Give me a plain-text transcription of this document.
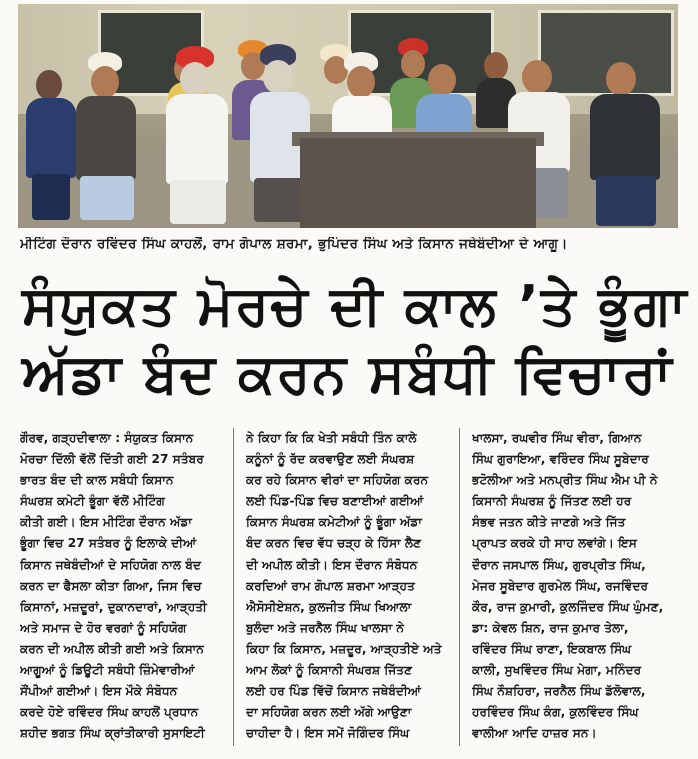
ਮੀਟਿੰਗ ਦੌਰਾਨ ਰਵਿੰਦਰ ਸਿੰਘ ਕਾਹਲੋਂ, ਰਾਮ ਗੋਪਾਲ ਸ਼ਰਮਾ, ਭੁਪਿੰਦਰ ਸਿੰਘ ਅਤੇ ਕਿਸਾਨ ਜਥੇਬੰਦੀਆ ਦੇ ਆਗੂ।
ਸੰਯੁਕਤ ਮੋਰਚੇ ਦੀ ਕਾਲ ’ਤੇ ਭੂੰਗਾ
ਅੱਡਾ ਬੰਦ ਕਰਨ ਸਬੰਧੀ ਵਿਚਾਰਾਂ
ਗੌਰਵ, ਗੜ੍ਹਦੀਵਾਲਾ : ਸੰਯੁਕਤ ਕਿਸਾਨ
ਮੋਰਚਾ ਦਿੱਲੀ ਵੱਲੋਂ ਦਿੱਤੀ ਗਈ 27 ਸਤੰਬਰ
ਭਾਰਤ ਬੰਦ ਦੀ ਕਾਲ ਸਬੰਧੀ ਕਿਸਾਨ
ਸੰਘਰਸ਼ ਕਮੇਟੀ ਭੂੰਗਾ ਵੱਲੋਂ ਮੀਟਿੰਗ
ਕੀਤੀ ਗਈ। ਇਸ ਮੀਟਿੰਗ ਦੌਰਾਨ ਅੱਡਾ
ਭੂੰਗਾ ਵਿਚ 27 ਸਤੰਬਰ ਨੂੰ ਇਲਾਕੇ ਦੀਆਂ
ਕਿਸਾਨ ਜਥੇਬੰਦੀਆਂ ਦੇ ਸਹਿਯੋਗ ਨਾਲ ਬੰਦ
ਕਰਨ ਦਾ ਫੈਸਲਾ ਕੀਤਾ ਗਿਆ, ਜਿਸ ਵਿਚ
ਕਿਸਾਨਾਂ, ਮਜ਼ਦੂਰਾਂ, ਦੁਕਾਨਦਾਰਾਂ, ਆੜ੍ਹਤੀ
ਅਤੇ ਸਮਾਜ ਦੇ ਹੋਰ ਵਰਗਾਂ ਨੂੰ ਸਹਿਯੋਗ
ਕਰਨ ਦੀ ਅਪੀਲ ਕੀਤੀ ਗਈ ਅਤੇ ਕਿਸਾਨ
ਆਗੂਆਂ ਨੂੰ ਡਿਊਟੀ ਸਬੰਧੀ ਜ਼ਿੰਮੇਵਾਰੀਆਂ
ਸੌਂਪੀਆਂ ਗਈਆਂ। ਇਸ ਮੌਕੇ ਸੰਬੋਧਨ
ਕਰਦੇ ਹੋਏ ਰਵਿੰਦਰ ਸਿੰਘ ਕਾਹਲੋਂ ਪ੍ਰਧਾਨ
ਸ਼ਹੀਦ ਭਗਤ ਸਿੰਘ ਕ੍ਰਾਂਤੀਕਾਰੀ ਸੁਸਾਇਟੀ
ਨੇ ਕਿਹਾ ਕਿ ਕਿ ਖੇਤੀ ਸਬੰਧੀ ਤਿੰਨ ਕਾਲੇ
ਕਨੂੰਨਾਂ ਨੂੰ ਰੱਦ ਕਰਵਾਉਣ ਲਈ ਸੰਘਰਸ਼
ਕਰ ਰਹੇ ਕਿਸਾਨ ਵੀਰਾਂ ਦਾ ਸਹਿਯੋਗ ਕਰਨ
ਲਈ ਪਿੰਡ-ਪਿੰਡ ਵਿਚ ਬਣਾਈਆਂ ਗਈਆਂ
ਕਿਸਾਨ ਸੰਘਰਸ਼ ਕਮੇਟੀਆਂ ਨੂੰ ਭੂੰਗਾ ਅੱਡਾ
ਬੰਦ ਕਰਨ ਵਿਚ ਵੱਧ ਚੜ੍ਹ ਕੇ ਹਿੱਸਾ ਲੈਣ
ਦੀ ਅਪੀਲ ਕੀਤੀ। ਇਸ ਦੌਰਾਨ ਸੰਬੋਧਨ
ਕਰਦਿਆਂ ਰਾਮ ਗੋਪਾਲ ਸ਼ਰਮਾ ਆੜ੍ਹਤ
ਐਸੋਸੀਏਸ਼ਨ, ਕੁਲਜੀਤ ਸਿੰਘ ਖਿਆਲਾ
ਬੁਲੰਦਾ ਅਤੇ ਜਰਨੈਲ ਸਿੰਘ ਖਾਲਸਾ ਨੇ
ਕਿਹਾ ਕਿ ਕਿਸਾਨ, ਮਜ਼ਦੂਰ, ਆੜ੍ਹਤੀਏ ਅਤੇ
ਆਮ ਲੋਕਾਂ ਨੂੰ ਕਿਸਾਨੀ ਸੰਘਰਸ਼ ਜਿੱਤਣ
ਲਈ ਹਰ ਪਿੰਡ ਵਿੱਚੋਂ ਕਿਸਾਨ ਜਥੇਬੰਦੀਆਂ
ਦਾ ਸਹਿਯੋਗ ਕਰਨ ਲਈ ਅੱਗੇ ਆਉਣਾ
ਚਾਹੀਦਾ ਹੈ। ਇਸ ਸਮੇਂ ਜੋਗਿੰਦਰ ਸਿੰਘ
ਖਾਲਸਾ, ਰਘਵੀਰ ਸਿੰਘ ਵੀਰਾ, ਗਿਆਨ
ਸਿੰਘ ਗੁਰਾਇਆ, ਵਰਿੰਦਰ ਸਿੰਘ ਸੂਬੇਦਾਰ
ਭਟੋਲੀਆ ਅਤੇ ਮਨਪ੍ਰੀਤ ਸਿੰਘ ਐਮ ਪੀ ਨੇ
ਕਿਸਾਨੀ ਸੰਘਰਸ਼ ਨੂੰ ਜਿੱਤਣ ਲਈ ਹਰ
ਸੰਭਵ ਜਤਨ ਕੀਤੇ ਜਾਣਗੇ ਅਤੇ ਜਿੱਤ
ਪ੍ਰਾਪਤ ਕਰਕੇ ਹੀ ਸਾਹ ਲਵਾਂਗੇ। ਇਸ
ਦੌਰਾਨ ਜਸਪਾਲ ਸਿੰਘ, ਗੁਰਪ੍ਰੀਤ ਸਿੰਘ,
ਮੇਜਰ ਸੂਬੇਦਾਰ ਗੁਰਮੇਲ ਸਿੰਘ, ਰਜਵਿੰਦਰ
ਕੌਰ, ਰਾਜ ਕੁਮਾਰੀ, ਕੁਲਜਿੰਦਰ ਸਿੰਘ ਘੁੰਮਣ,
ਡਾ: ਕੇਵਲ ਸ਼ਿਨ, ਰਾਜ ਕੁਮਾਰ ਤੇਲਾ,
ਰਵਿੰਦਰ ਸਿੰਘ ਰਾਣਾ, ਇਕਬਾਲ ਸਿੰਘ
ਕਾਲੀ, ਸੁਖਵਿੰਦਰ ਸਿੰਘ ਮੇਗਾ, ਮਨਿੰਦਰ
ਸਿੰਘ ਨੌਸ਼ਹਿਰਾ, ਜਰਨੈਲ ਸਿੰਘ ਡੱਲੋਵਾਲ,
ਹਰਵਿੰਦਰ ਸਿੰਘ ਕੰਗ, ਕੁਲਵਿੰਦਰ ਸਿੰਘ
ਵਾਲੀਆ ਆਦਿ ਹਾਜ਼ਰ ਸਨ।
